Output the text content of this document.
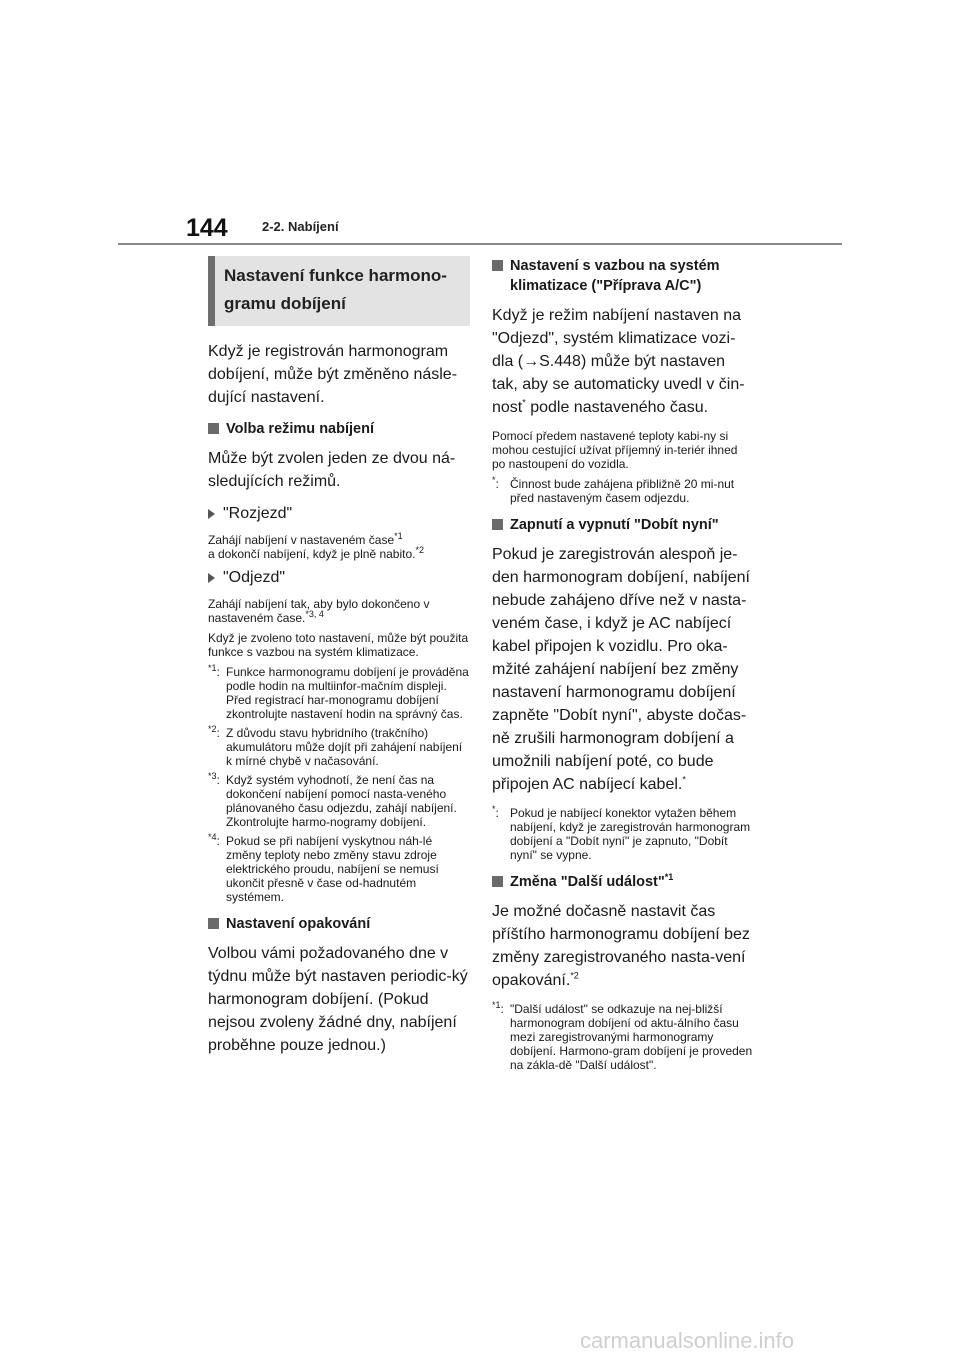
144	2-2. Nabíjení
Nastavení funkce harmono-gramu dobíjení

Když je registrován harmonogram dobíjení, může být změněno násle-dující nastavení.

Volba režimu nabíjení

Může být zvolen jeden ze dvou ná-sledujících režimů.

"Rozjezd"

Zahájí nabíjení v nastaveném čase$^{*1}$
a dokončí nabíjení, když je plně nabito.$^{*2}$

"Odjezd"

Zahájí nabíjení tak, aby bylo dokončeno v nastaveném čase.$^{*3, 4}$

Když je zvoleno toto nastavení, může být použita funkce s vazbou na systém klimatizace.

$^{*1}$: Funkce harmonogramu dobíjení je prováděna podle hodin na multiinfor-mačním displeji. Před registrací har-monogramu dobíjení zkontrolujte nastavení hodin na správný čas.
$^{*2}$: Z důvodu stavu hybridního (trakčního) akumulátoru může dojít při zahájení nabíjení k mírné chybě v načasování.
$^{*3}$: Když systém vyhodnotí, že není čas na dokončení nabíjení pomocí nasta-veného plánovaného času odjezdu, zahájí nabíjení. Zkontrolujte harmo-nogramy dobíjení.
$^{*4}$: Pokud se při nabíjení vyskytnou náh-lé změny teploty nebo změny stavu zdroje elektrického proudu, nabíjení se nemusí ukončit přesně v čase od-hadnutém systémem.
Nastavení opakování

Volbou vámi požadovaného dne v týdnu může být nastaven periodic-ký harmonogram dobíjení. (Pokud nejsou zvoleny žádné dny, nabíjení proběhne pouze jednou.)

Nastavení s vazbou na systém klimatizace ("Příprava A/C")

Když je režim nabíjení nastaven na "Odjezd", systém klimatizace vozi-dla (→S.448) může být nastaven tak, aby se automaticky uvedl v čin-nost* podle nastaveného času.

Pomocí předem nastavené teploty kabi-ny si mohou cestující užívat příjemný in-teriér ihned po nastoupení do vozidla.

*: Činnost bude zahájena přibližně 20 mi-nut před nastaveným časem odjezdu.
Zapnutí a vypnutí "Dobít nyní"

Pokud je zaregistrován alespoň je-den harmonogram dobíjení, nabíjení nebude zahájeno dříve než v nasta-veném čase, i když je AC nabíjecí kabel připojen k vozidlu. Pro oka-mžité zahájení nabíjení bez změny nastavení harmonogramu dobíjení zapněte "Dobít nyní", abyste dočas-ně zrušili harmonogram dobíjení a umožnili nabíjení poté, co bude připojen AC nabíjecí kabel.*

*: Pokud je nabíjecí konektor vytažen během nabíjení, když je zaregistrován harmonogram dobíjení a "Dobít nyní" je zapnuto, "Dobít nyní" se vypne.
Změna "Další událost"$^{*1}$

Je možné dočasně nastavit čas příštího harmonogramu dobíjení bez změny zaregistrovaného nasta-vení opakování.$^{*2}$

$^{*1}$: "Další událost" se odkazuje na nej-bližší harmonogram dobíjení od aktu-álního času mezi zaregistrovanými harmonogramy dobíjení. Harmono-gram dobíjení je proveden na zákla-dě "Další událost".
carmanualsonline.info
